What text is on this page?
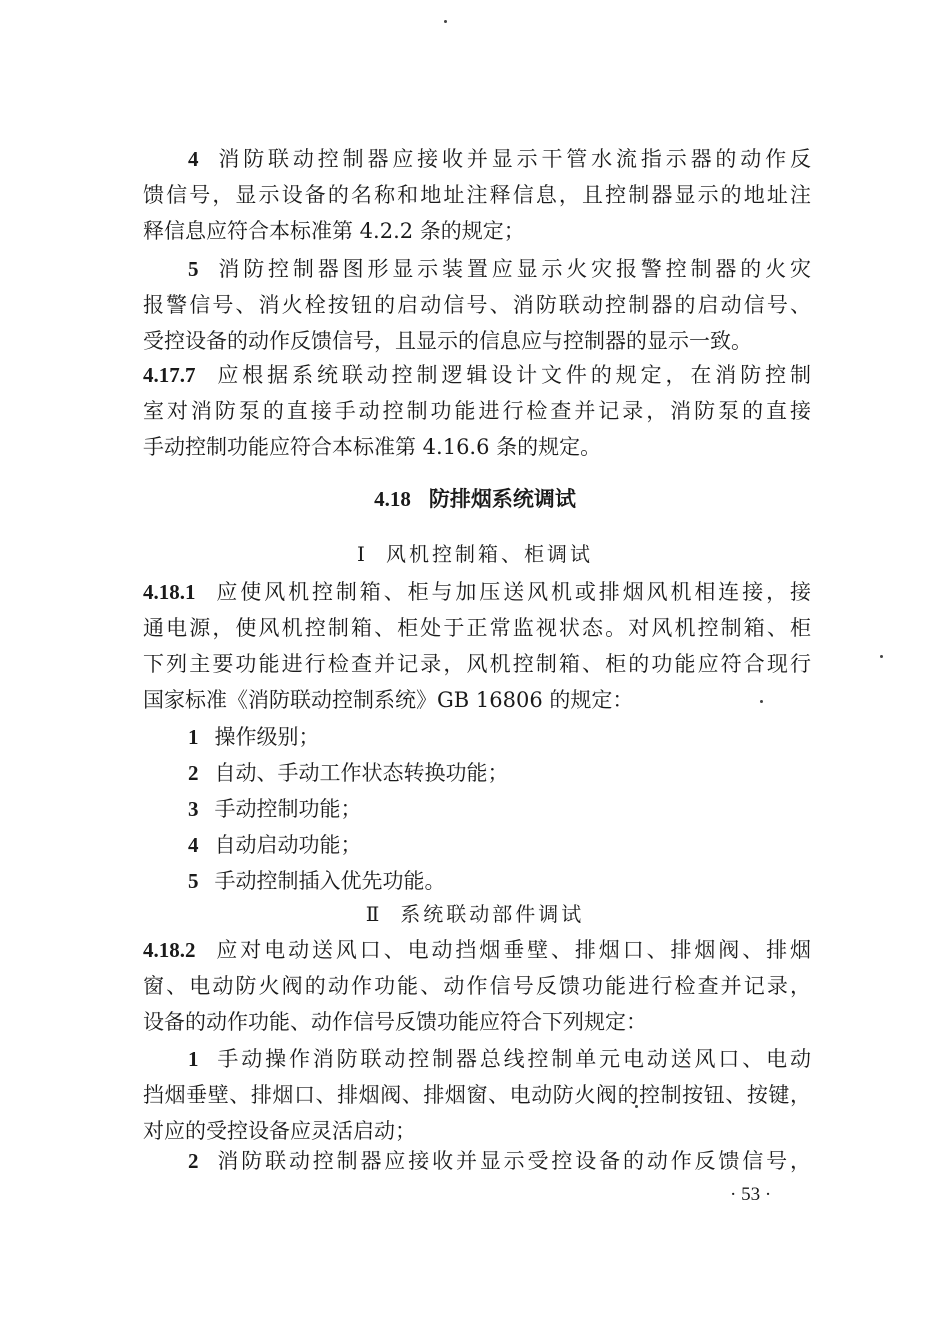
4 消防联动控制器应接收并显示干管水流指示器的动作反
馈信号，显示设备的名称和地址注释信息，且控制器显示的地址注
释信息应符合本标准第 4.2.2 条的规定；
5 消防控制器图形显示装置应显示火灾报警控制器的火灾
报警信号、消火栓按钮的启动信号、消防联动控制器的启动信号、
受控设备的动作反馈信号，且显示的信息应与控制器的显示一致。
4.17.7 应根据系统联动控制逻辑设计文件的规定，在消防控制
室对消防泵的直接手动控制功能进行检查并记录，消防泵的直接
手动控制功能应符合本标准第 4.16.6 条的规定。
4.18 防排烟系统调试
Ⅰ 风机控制箱、柜调试
4.18.1 应使风机控制箱、柜与加压送风机或排烟风机相连接，接
通电源，使风机控制箱、柜处于正常监视状态。对风机控制箱、柜
下列主要功能进行检查并记录，风机控制箱、柜的功能应符合现行
国家标准《消防联动控制系统》GB 16806 的规定：
1 操作级别；
2 自动、手动工作状态转换功能；
3 手动控制功能；
4 自动启动功能；
5 手动控制插入优先功能。
Ⅱ 系统联动部件调试
4.18.2 应对电动送风口、电动挡烟垂壁、排烟口、排烟阀、排烟
窗、电动防火阀的动作功能、动作信号反馈功能进行检查并记录，
设备的动作功能、动作信号反馈功能应符合下列规定：
1 手动操作消防联动控制器总线控制单元电动送风口、电动
挡烟垂壁、排烟口、排烟阀、排烟窗、电动防火阀的控制按钮、按键，
对应的受控设备应灵活启动；
2 消防联动控制器应接收并显示受控设备的动作反馈信号，
· 53 ·
